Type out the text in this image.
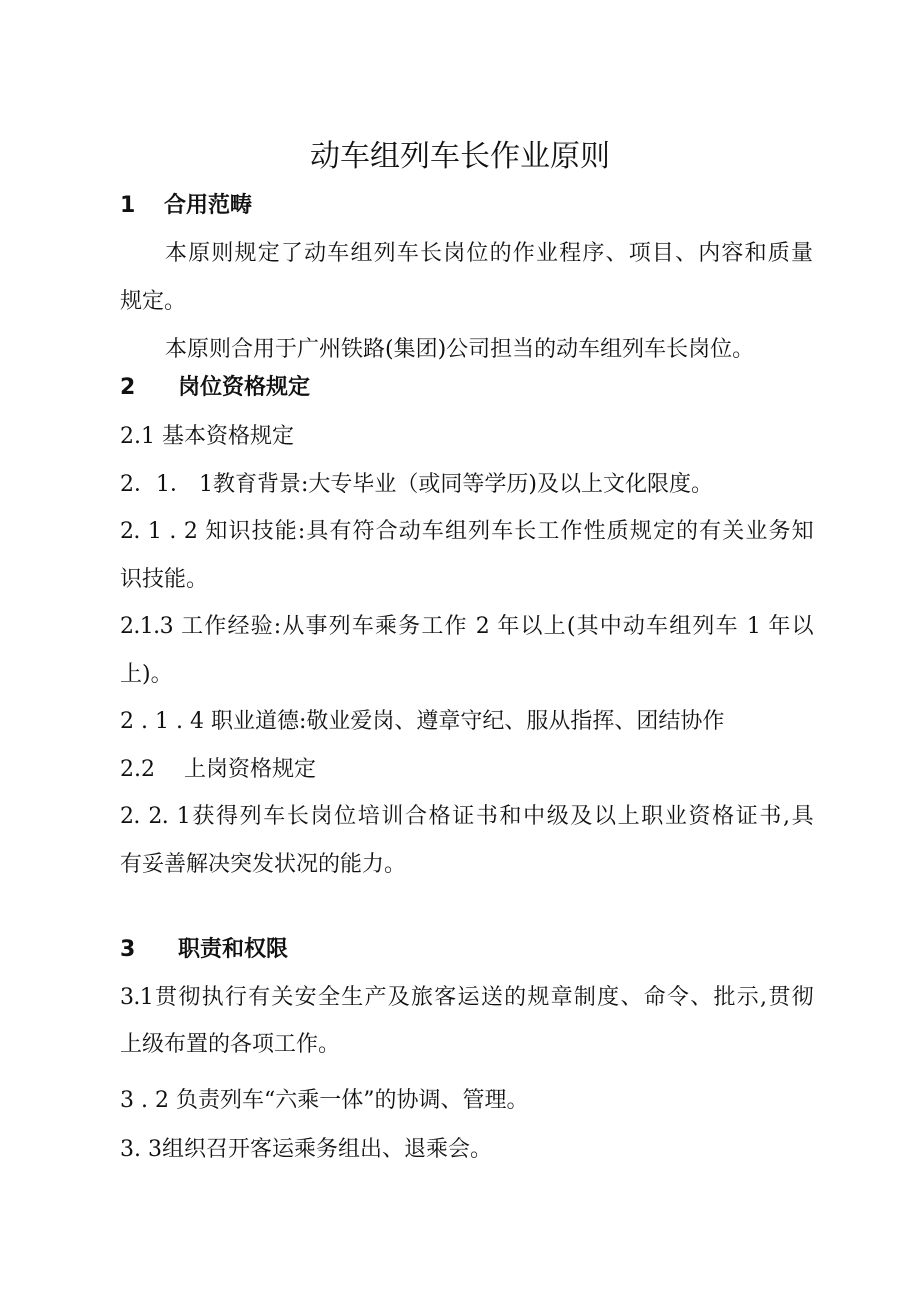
动车组列车长作业原则
1 合用范畴
本原则规定了动车组列车长岗位的作业程序、项目、内容和质量
规定。
本原则合用于广州铁路(集团)公司担当的动车组列车长岗位。
2 岗位资格规定
2.1 基本资格规定
2．1． 1教育背景:大专毕业（或同等学历)及以上文化限度。
2. 1 . 2 知识技能:具有符合动车组列车长工作性质规定的有关业务知
识技能。
2.1.3 工作经验:从事列车乘务工作 2 年以上(其中动车组列车 1 年以
上)。
2 . 1 . 4 职业道德:敬业爱岗、遵章守纪、服从指挥、团结协作
2.2　 上岗资格规定
2. 2. 1获得列车长岗位培训合格证书和中级及以上职业资格证书,具
有妥善解决突发状况的能力。
3 职责和权限
3.1贯彻执行有关安全生产及旅客运送的规章制度、命令、批示,贯彻
上级布置的各项工作。
3 . 2 负责列车“六乘一体”的协调、管理。
3. 3组织召开客运乘务组出、退乘会。
